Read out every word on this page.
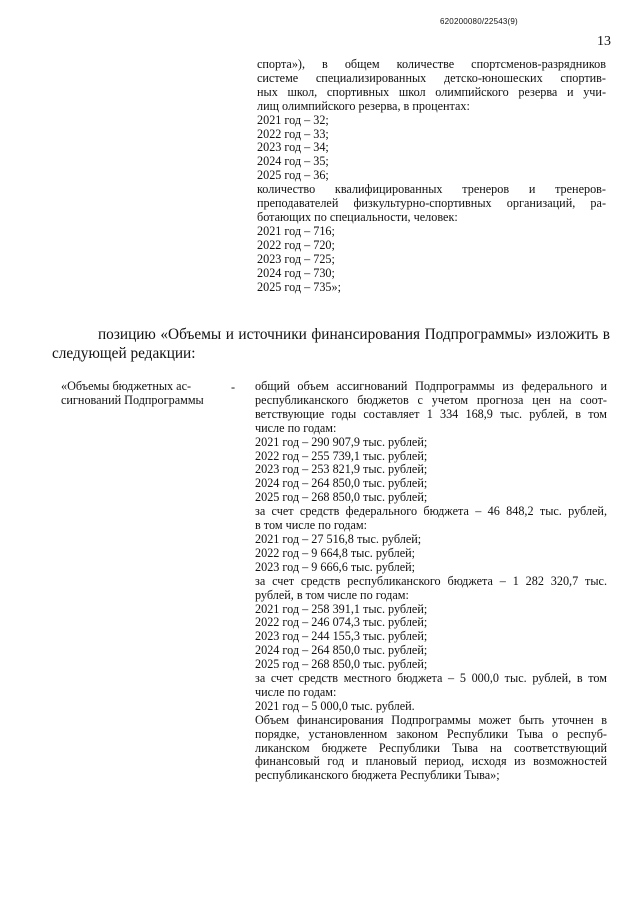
620200080/22543(9)
13
спорта»), в общем количестве спортсменов-разрядников
системе специализированных детско-юношеских спортив-
ных школ, спортивных школ олимпийского резерва и учи-
лищ олимпийского резерва, в процентах:
2021 год – 32;
2022 год – 33;
2023 год – 34;
2024 год – 35;
2025 год – 36;
количество квалифицированных тренеров и тренеров-
преподавателей физкультурно-спортивных организаций, ра-
ботающих по специальности, человек:
2021 год – 716;
2022 год – 720;
2023 год – 725;
2024 год – 730;
2025 год – 735»;
позицию «Объемы и источники финансирования Подпрограммы» изложить в
следующей редакции:
«Объемы бюджетных ас-
сигнований Подпрограммы
- общий объем ассигнований Подпрограммы из федерального и
республиканского бюджетов с учетом прогноза цен на соот-
ветствующие годы составляет 1 334 168,9 тыс. рублей, в том
числе по годам:
2021 год – 290 907,9 тыс. рублей;
2022 год – 255 739,1 тыс. рублей;
2023 год – 253 821,9 тыс. рублей;
2024 год – 264 850,0 тыс. рублей;
2025 год – 268 850,0 тыс. рублей;
за счет средств федерального бюджета – 46 848,2 тыс. рублей,
в том числе по годам:
2021 год – 27 516,8 тыс. рублей;
2022 год – 9 664,8 тыс. рублей;
2023 год – 9 666,6 тыс. рублей;
за счет средств республиканского бюджета – 1 282 320,7 тыс.
рублей, в том числе по годам:
2021 год – 258 391,1 тыс. рублей;
2022 год – 246 074,3 тыс. рублей;
2023 год – 244 155,3 тыс. рублей;
2024 год – 264 850,0 тыс. рублей;
2025 год – 268 850,0 тыс. рублей;
за счет средств местного бюджета – 5 000,0 тыс. рублей, в том
числе по годам:
2021 год – 5 000,0 тыс. рублей.
Объем финансирования Подпрограммы может быть уточнен в
порядке, установленном законом Республики Тыва о респуб-
ликанском бюджете Республики Тыва на соответствующий
финансовый год и плановый период, исходя из возможностей
республиканского бюджета Республики Тыва»;
